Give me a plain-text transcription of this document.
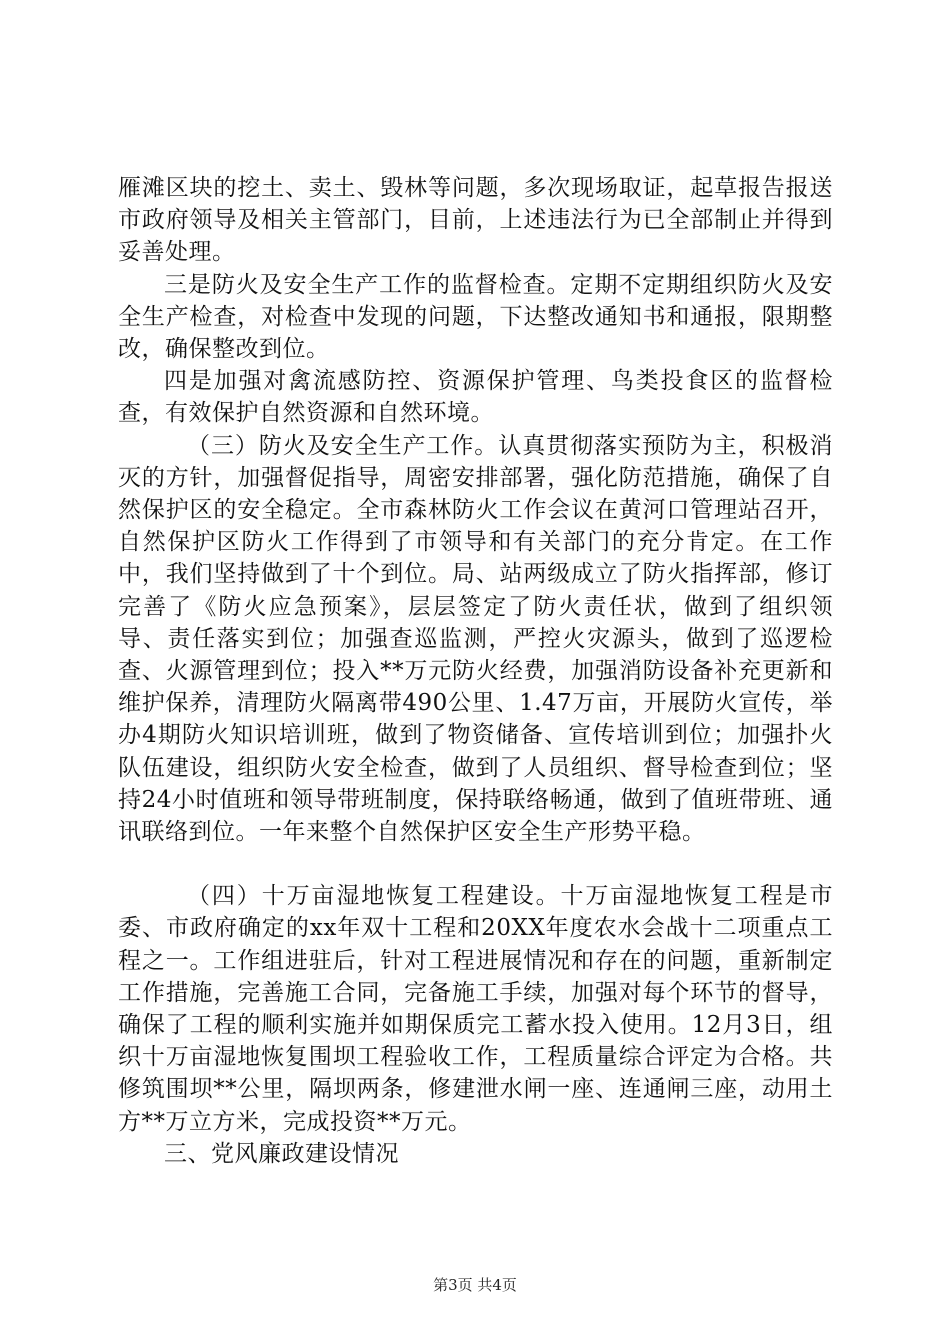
雁滩区块的挖土、卖土、毁林等问题，多次现场取证，起草报告报送市政府领导及相关主管部门，目前，上述违法行为已全部制止并得到妥善处理。

三是防火及安全生产工作的监督检查。定期不定期组织防火及安全生产检查，对检查中发现的问题，下达整改通知书和通报，限期整改，确保整改到位。

四是加强对禽流感防控、资源保护管理、鸟类投食区的监督检查，有效保护自然资源和自然环境。

（三）防火及安全生产工作。认真贯彻落实预防为主，积极消灭的方针，加强督促指导，周密安排部署，强化防范措施，确保了自然保护区的安全稳定。全市森林防火工作会议在黄河口管理站召开，自然保护区防火工作得到了市领导和有关部门的充分肯定。在工作中，我们坚持做到了十个到位。局、站两级成立了防火指挥部，修订完善了《防火应急预案》，层层签定了防火责任状，做到了组织领导、责任落实到位；加强查巡监测，严控火灾源头，做到了巡逻检查、火源管理到位；投入**万元防火经费，加强消防设备补充更新和维护保养，清理防火隔离带490公里、1.47万亩，开展防火宣传，举办4期防火知识培训班，做到了物资储备、宣传培训到位；加强扑火队伍建设，组织防火安全检查，做到了人员组织、督导检查到位；坚持24小时值班和领导带班制度，保持联络畅通，做到了值班带班、通讯联络到位。一年来整个自然保护区安全生产形势平稳。

（四）十万亩湿地恢复工程建设。十万亩湿地恢复工程是市委、市政府确定的xx年双十工程和20XX年度农水会战十二项重点工程之一。工作组进驻后，针对工程进展情况和存在的问题，重新制定工作措施，完善施工合同，完备施工手续，加强对每个环节的督导，确保了工程的顺利实施并如期保质完工蓄水投入使用。12月3日，组织十万亩湿地恢复围坝工程验收工作，工程质量综合评定为合格。共修筑围坝**公里，隔坝两条，修建泄水闸一座、连通闸三座，动用土方**万立方米，完成投资**万元。

三、党风廉政建设情况

第3页 共4页
